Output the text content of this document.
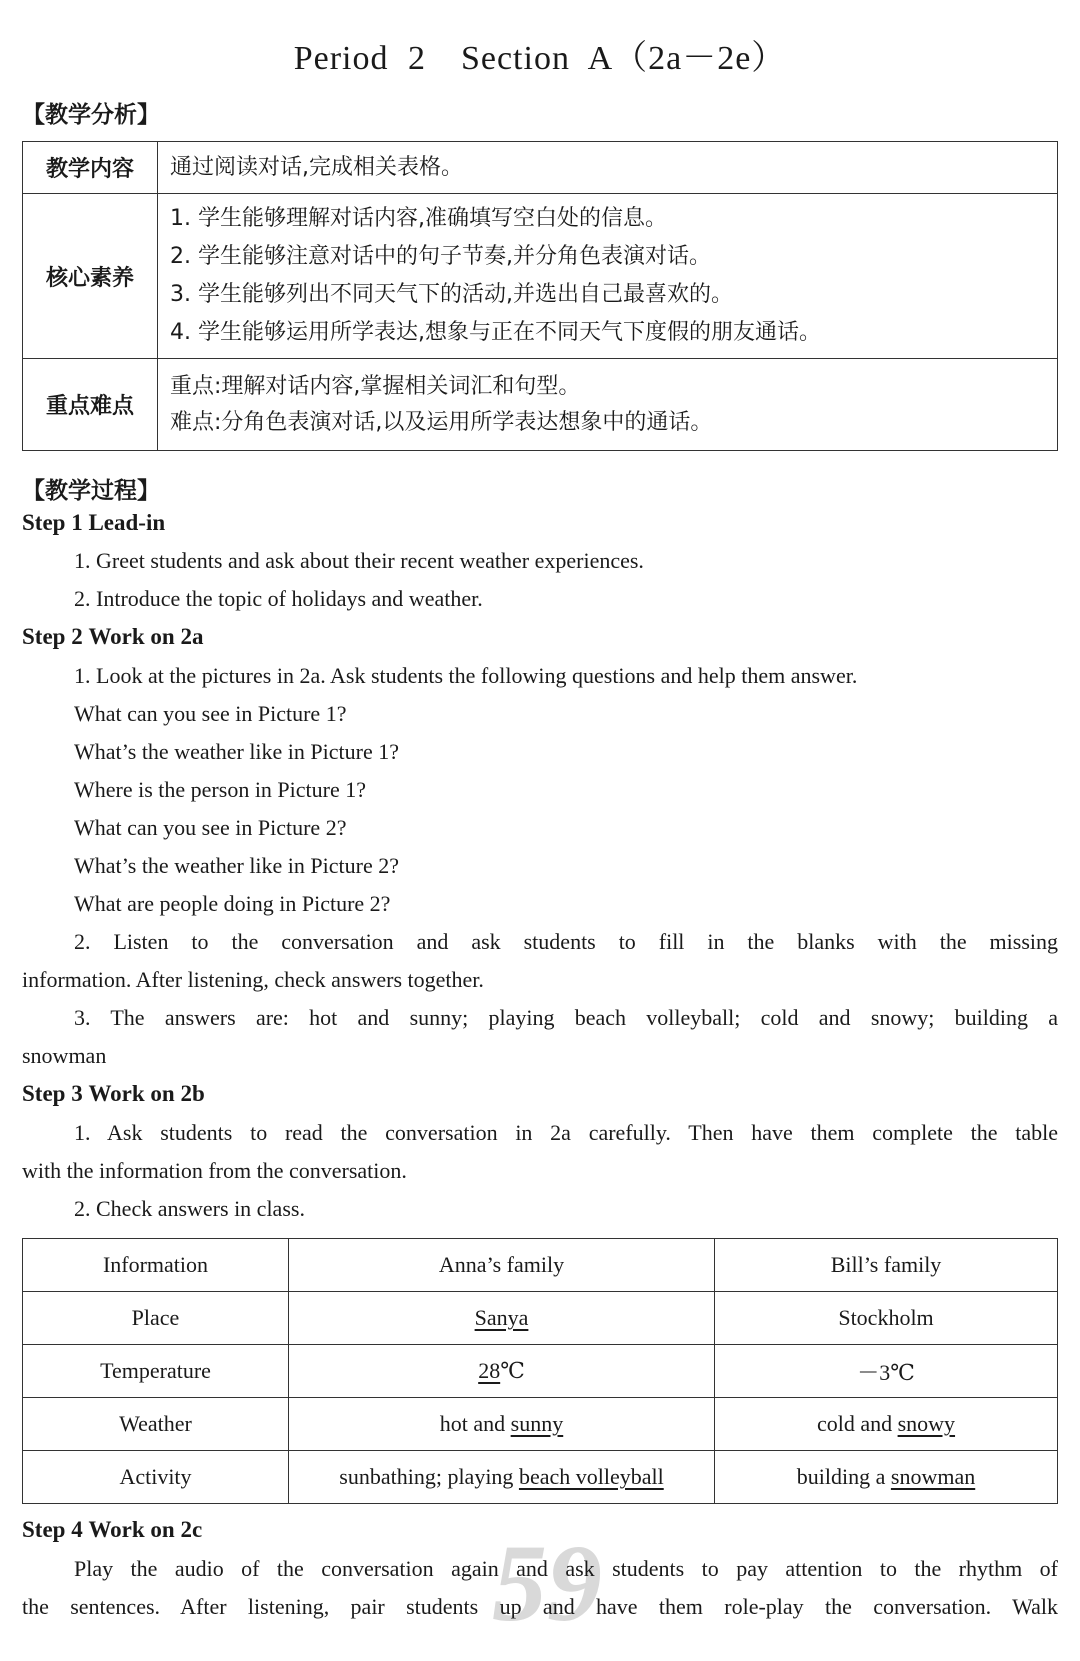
Period 2　Section A（2a－2e）
【教学分析】
教学内容	通过阅读对话,完成相关表格。

核心素养	1. 学生能够理解对话内容,准确填写空白处的信息。
2. 学生能够注意对话中的句子节奏,并分角色表演对话。
3. 学生能够列出不同天气下的活动,并选出自己最喜欢的。
4. 学生能够运用所学表达,想象与正在不同天气下度假的朋友通话。

重点难点	重点:理解对话内容,掌握相关词汇和句型。
难点:分角色表演对话,以及运用所学表达想象中的通话。
【教学过程】
Step 1 Lead-in
1. Greet students and ask about their recent weather experiences.
2. Introduce the topic of holidays and weather.
Step 2 Work on 2a
1. Look at the pictures in 2a. Ask students the following questions and help them answer.
What can you see in Picture 1?
What’s the weather like in Picture 1?
Where is the person in Picture 1?
What can you see in Picture 2?
What’s the weather like in Picture 2?
What are people doing in Picture 2?
2. Listen to the conversation and ask students to fill in the blanks with the missing
information. After listening, check answers together.
3. The answers are: hot and sunny; playing beach volleyball; cold and snowy; building a
snowman
Step 3 Work on 2b
1. Ask students to read the conversation in 2a carefully. Then have them complete the table
with the information from the conversation.
2. Check answers in class.
Information	Anna’s family	Bill’s family
Place	Sanya	Stockholm
Temperature	28℃	－3℃
Weather	hot and sunny	cold and snowy
Activity	sunbathing; playing beach volleyball	building a snowman
Step 4 Work on 2c	59
Play the audio of the conversation again and ask students to pay attention to the rhythm of
the sentences. After listening, pair students up and have them role-play the conversation. Walk
